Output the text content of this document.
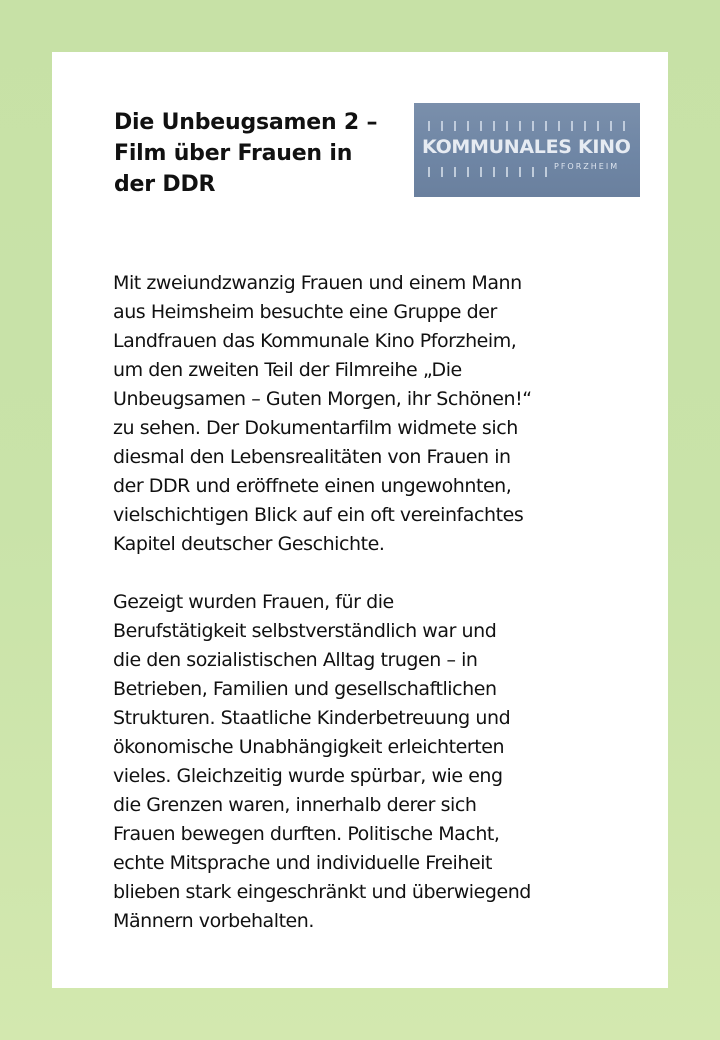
Die Unbeugsamen 2 –
Film über Frauen in
der DDR
KOMMUNALES KINO
PFORZHEIM

Mit zweiundzwanzig Frauen und einem Mann
aus Heimsheim besuchte eine Gruppe der
Landfrauen das Kommunale Kino Pforzheim,
um den zweiten Teil der Filmreihe „Die
Unbeugsamen – Guten Morgen, ihr Schönen!“
zu sehen. Der Dokumentarfilm widmete sich
diesmal den Lebensrealitäten von Frauen in
der DDR und eröffnete einen ungewohnten,
vielschichtigen Blick auf ein oft vereinfachtes
Kapitel deutscher Geschichte.

Gezeigt wurden Frauen, für die
Berufstätigkeit selbstverständlich war und
die den sozialistischen Alltag trugen – in
Betrieben, Familien und gesellschaftlichen
Strukturen. Staatliche Kinderbetreuung und
ökonomische Unabhängigkeit erleichterten
vieles. Gleichzeitig wurde spürbar, wie eng
die Grenzen waren, innerhalb derer sich
Frauen bewegen durften. Politische Macht,
echte Mitsprache und individuelle Freiheit
blieben stark eingeschränkt und überwiegend
Männern vorbehalten.
